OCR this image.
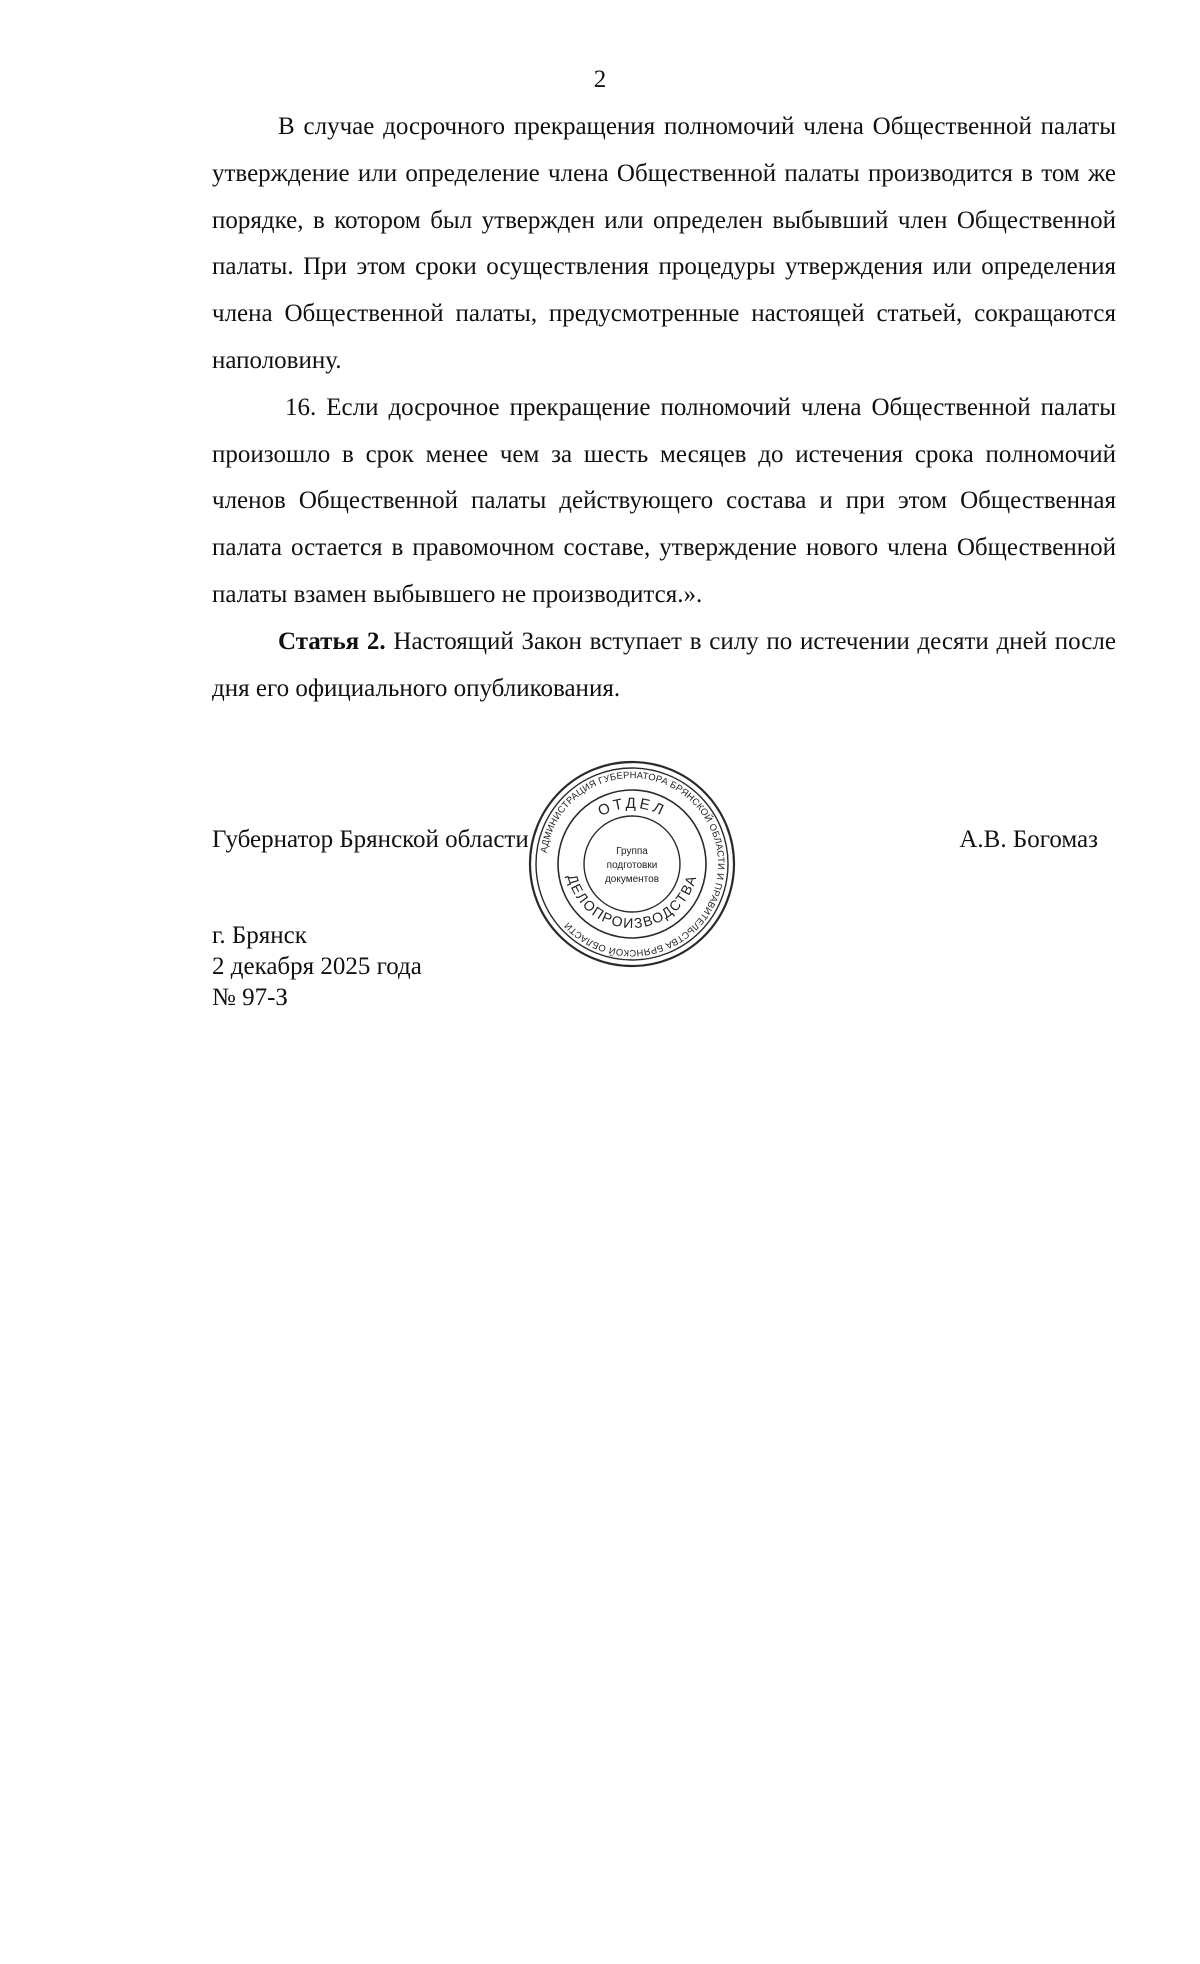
2

В случае досрочного прекращения полномочий члена Общественной палаты утверждение или определение члена Общественной палаты производится в том же порядке, в котором был утвержден или определен выбывший член Общественной палаты. При этом сроки осуществления процедуры утверждения или определения члена Общественной палаты, предусмотренные настоящей статьей, сокращаются наполовину.

16. Если досрочное прекращение полномочий члена Общественной палаты произошло в срок менее чем за шесть месяцев до истечения срока полномочий членов Общественной палаты действующего состава и при этом Общественная палата остается в правомочном составе, утверждение нового члена Общественной палаты взамен выбывшего не производится.».

Статья 2. Настоящий Закон вступает в силу по истечении десяти дней после дня его официального опубликования.

Губернатор Брянской области	А.В. Богомаз
АДМИНИСТРАЦИЯ ГУБЕРНАТОРА БРЯНСКОЙ ОБЛАСТИ И ПРАВИТЕЛЬСТВА БРЯНСКОЙ ОБЛАСТИ
ОТДЕЛ
ДЕЛОПРОИЗВОДСТВА
Группа
подготовки
документов
г. Брянск
2 декабря 2025 года
№ 97-З
